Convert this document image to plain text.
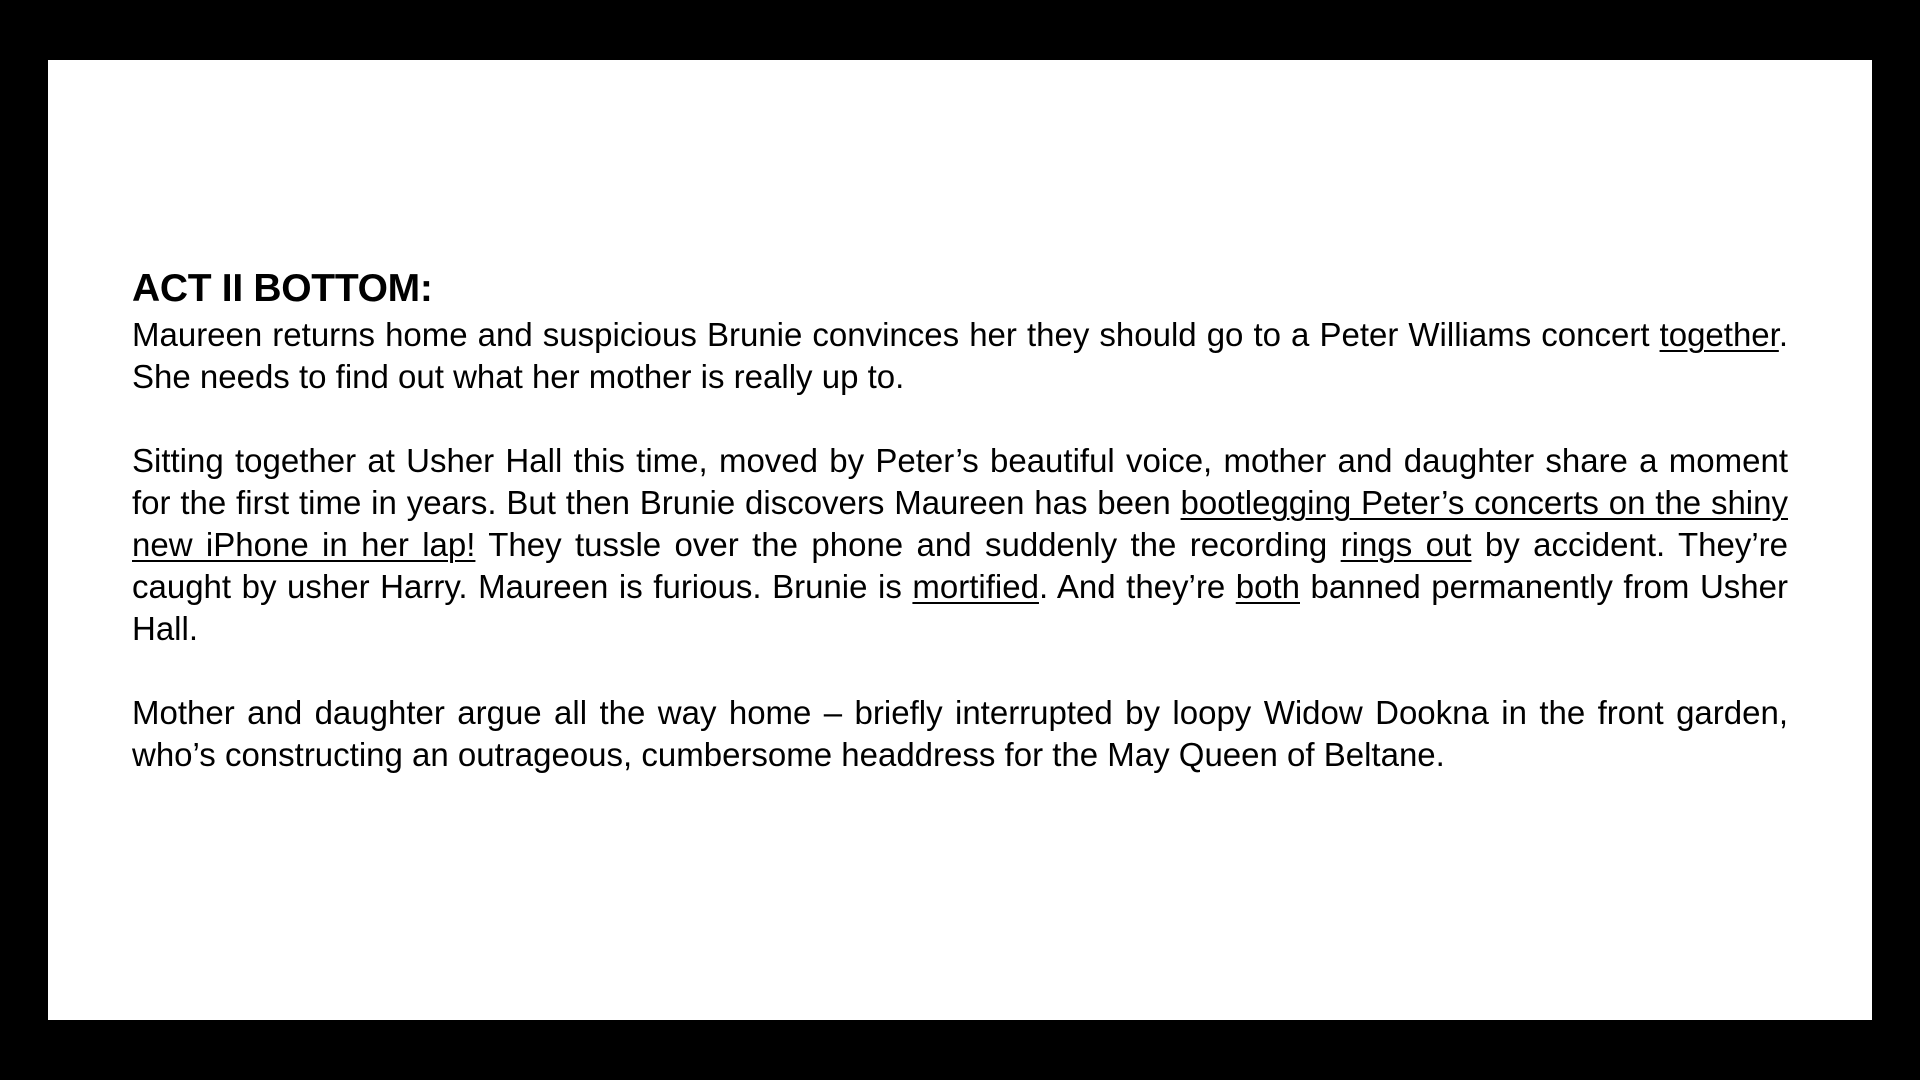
ACT II BOTTOM:

Maureen returns home and suspicious Brunie convinces her they should go to a Peter Williams concert together. She needs to find out what her mother is really up to.

Sitting together at Usher Hall this time, moved by Peter’s beautiful voice, mother and daughter share a moment for the first time in years. But then Brunie discovers Maureen has been bootlegging Peter’s concerts on the shiny new iPhone in her lap! They tussle over the phone and suddenly the recording rings out by accident. They’re caught by usher Harry. Maureen is furious. Brunie is mortified. And they’re both banned permanently from Usher Hall.

Mother and daughter argue all the way home – briefly interrupted by loopy Widow Dookna in the front garden, who’s constructing an outrageous, cumbersome headdress for the May Queen of Beltane.
